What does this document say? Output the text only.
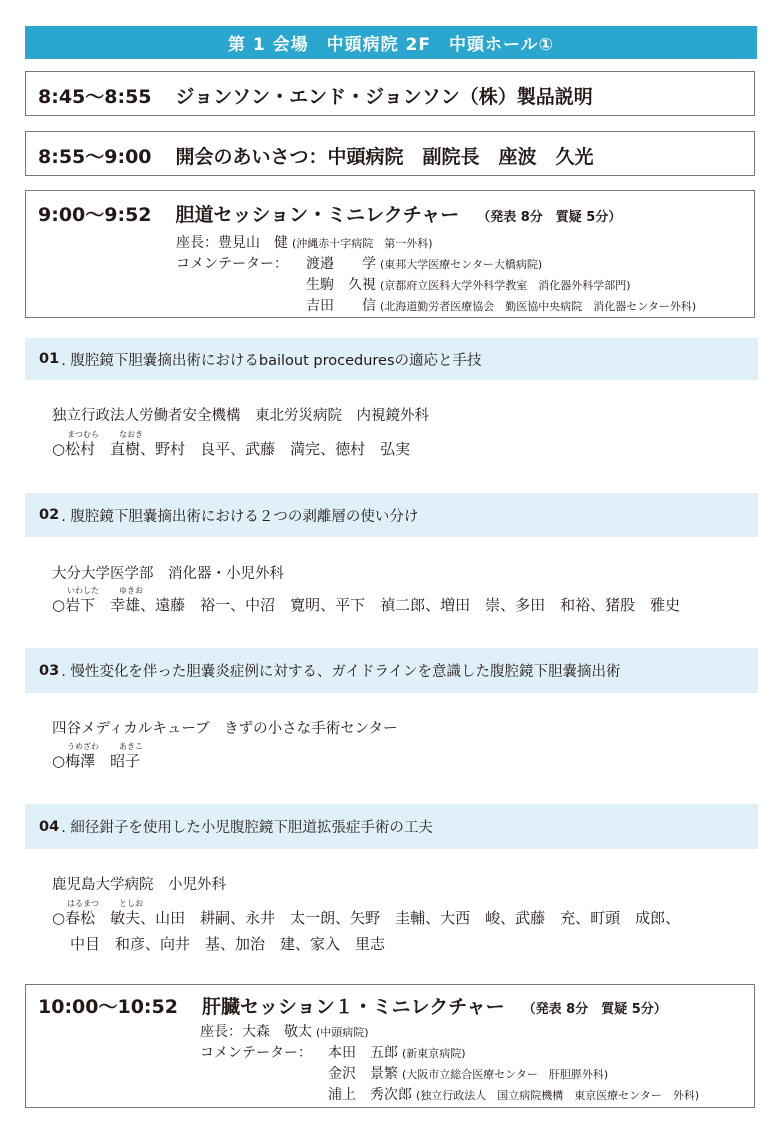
第 1 会場　中頭病院 2F　中頭ホール①
8:45〜8:55 ジョンソン・エンド・ジョンソン（株）製品説明
8:55〜9:00 開会のあいさつ：中頭病院　副院長　座波　久光
9:00〜9:52 胆道セッション・ミニレクチャー （発表 8分　質疑 5分）
座長：豊見山　健 (沖縄赤十字病院　第一外科)
コメンテーター： 渡邉　　学 (東邦大学医療センター大橋病院)
生駒　久視 (京都府立医科大学外科学教室　消化器外科学部門)
吉田　　信 (北海道勤労者医療協会　勤医協中央病院　消化器センター外科)
01 . 腹腔鏡下胆嚢摘出術におけるbailout proceduresの適応と手技
独立行政法人労働者安全機構　東北労災病院　内視鏡外科
まつむら	なおき
○松村　直樹、野村　良平、武藤　満完、徳村　弘実
02 . 腹腔鏡下胆嚢摘出術における２つの剥離層の使い分け
大分大学医学部　消化器・小児外科
いわした	ゆきお
○岩下　幸雄、遠藤　裕一、中沼　寛明、平下　禎二郎、増田　崇、多田　和裕、猪股　雅史
03 . 慢性変化を伴った胆嚢炎症例に対する、ガイドラインを意識した腹腔鏡下胆嚢摘出術
四谷メディカルキューブ　きずの小さな手術センター
うめざわ	あきこ
○梅澤　昭子
04 . 細径鉗子を使用した小児腹腔鏡下胆道拡張症手術の工夫
鹿児島大学病院　小児外科
はるまつ	としお
○春松　敏夫、山田　耕嗣、永井　太一朗、矢野　圭輔、大西　峻、武藤　充、町頭　成郎、
中目　和彦、向井　基、加治　建、家入　里志
10:00〜10:52 肝臓セッション１・ミニレクチャー （発表 8分　質疑 5分）
座長：大森　敬太 (中頭病院)
コメンテーター： 本田　五郎 (新東京病院)
金沢　景繁 (大阪市立総合医療センター　肝胆膵外科)
浦上　秀次郎 (独立行政法人　国立病院機構　東京医療センター　外科)
